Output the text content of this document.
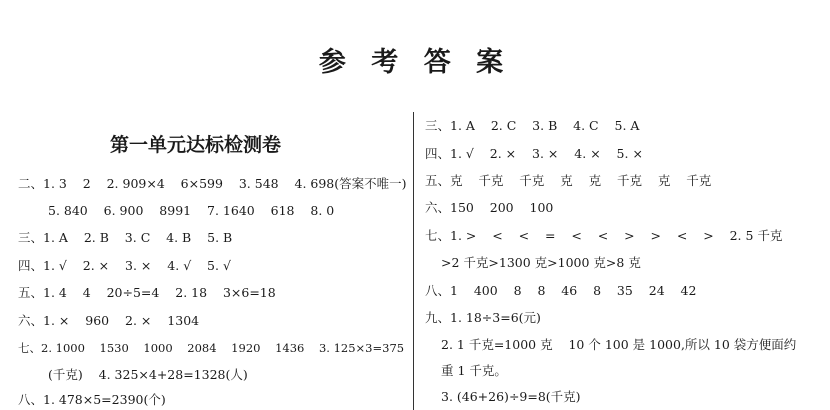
参 考 答 案
第一单元达标检测卷
二、1. 3    2    2. 909×4    6×599    3. 548    4. 698(答案不唯一)
5. 840    6. 900    8991    7. 1640    618    8. 0
三、1. A    2. B    3. C    4. B    5. B
四、1. √    2. ×    3. ×    4. √    5. √
五、1. 4    4    20÷5=4    2. 18    3×6=18
六、1. ×    960    2. ×    1304
七、2. 1000    1530    1000    2084    1920    1436    3. 125×3=375
(千克)    4. 325×4+28=1328(人)
八、1. 478×5=2390(个)
三、1. A    2. C    3. B    4. C    5. A
四、1. √    2. ×    3. ×    4. ×    5. ×
五、克    千克    千克    克    克    千克    克    千克
六、150    200    100
七、1. >    <    <    =    <    <    >    >    <    >    2. 5 千克
>2 千克>1300 克>1000 克>8 克
八、1    400    8    8    46    8    35    24    42
九、1. 18÷3=6(元)
2. 1 千克=1000 克    10 个 100 是 1000,所以 10 袋方便面约
重 1 千克。
3. (46+26)÷9=8(千克)
